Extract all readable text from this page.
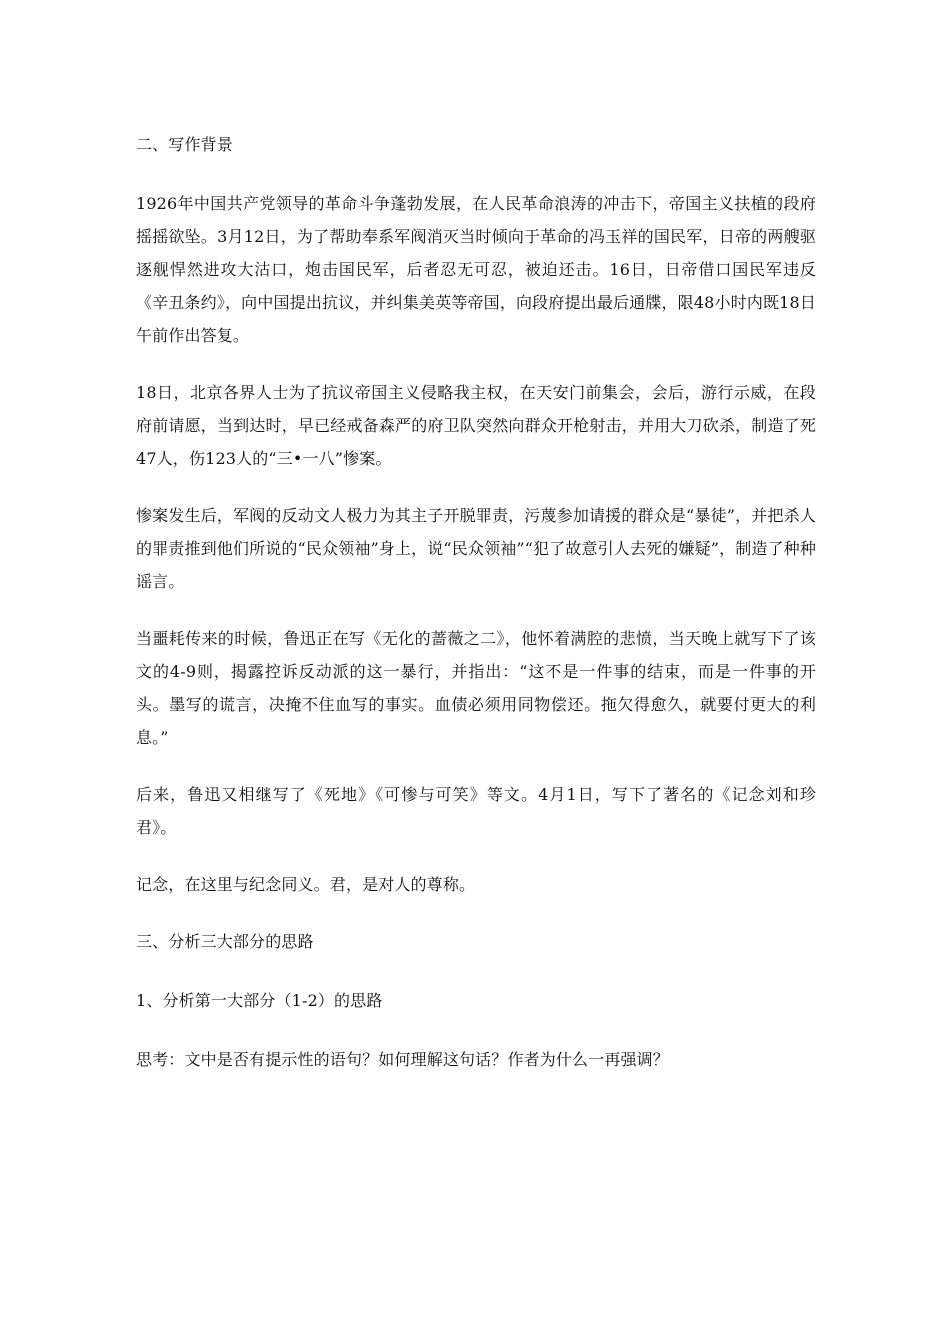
二、写作背景

1926年中国共产党领导的革命斗争蓬勃发展，在人民革命浪涛的冲击下，帝国主义扶植的段府摇摇欲坠。3月12日，为了帮助奉系军阀消灭当时倾向于革命的冯玉祥的国民军，日帝的两艘驱逐舰悍然进攻大沽口，炮击国民军，后者忍无可忍，被迫还击。16日，日帝借口国民军违反《辛丑条约》，向中国提出抗议，并纠集美英等帝国，向段府提出最后通牒，限48小时内既18日午前作出答复。

18日，北京各界人士为了抗议帝国主义侵略我主权，在天安门前集会，会后，游行示威，在段府前请愿，当到达时，早已经戒备森严的府卫队突然向群众开枪射击，并用大刀砍杀，制造了死47人，伤123人的“三•一八”惨案。

惨案发生后，军阀的反动文人极力为其主子开脱罪责，污蔑参加请援的群众是“暴徒”，并把杀人的罪责推到他们所说的“民众领袖”身上，说“民众领袖”“犯了故意引人去死的嫌疑”，制造了种种谣言。

当噩耗传来的时候，鲁迅正在写《无化的蔷薇之二》，他怀着满腔的悲愤，当天晚上就写下了该文的4-9则，揭露控诉反动派的这一暴行，并指出：“这不是一件事的结束，而是一件事的开头。墨写的谎言，决掩不住血写的事实。血债必须用同物偿还。拖欠得愈久，就要付更大的利息。”

后来，鲁迅又相继写了《死地》《可惨与可笑》等文。4月1日，写下了著名的《记念刘和珍君》。

记念，在这里与纪念同义。君，是对人的尊称。

三、分析三大部分的思路

1、分析第一大部分（1-2）的思路

思考：文中是否有提示性的语句？如何理解这句话？作者为什么一再强调？
